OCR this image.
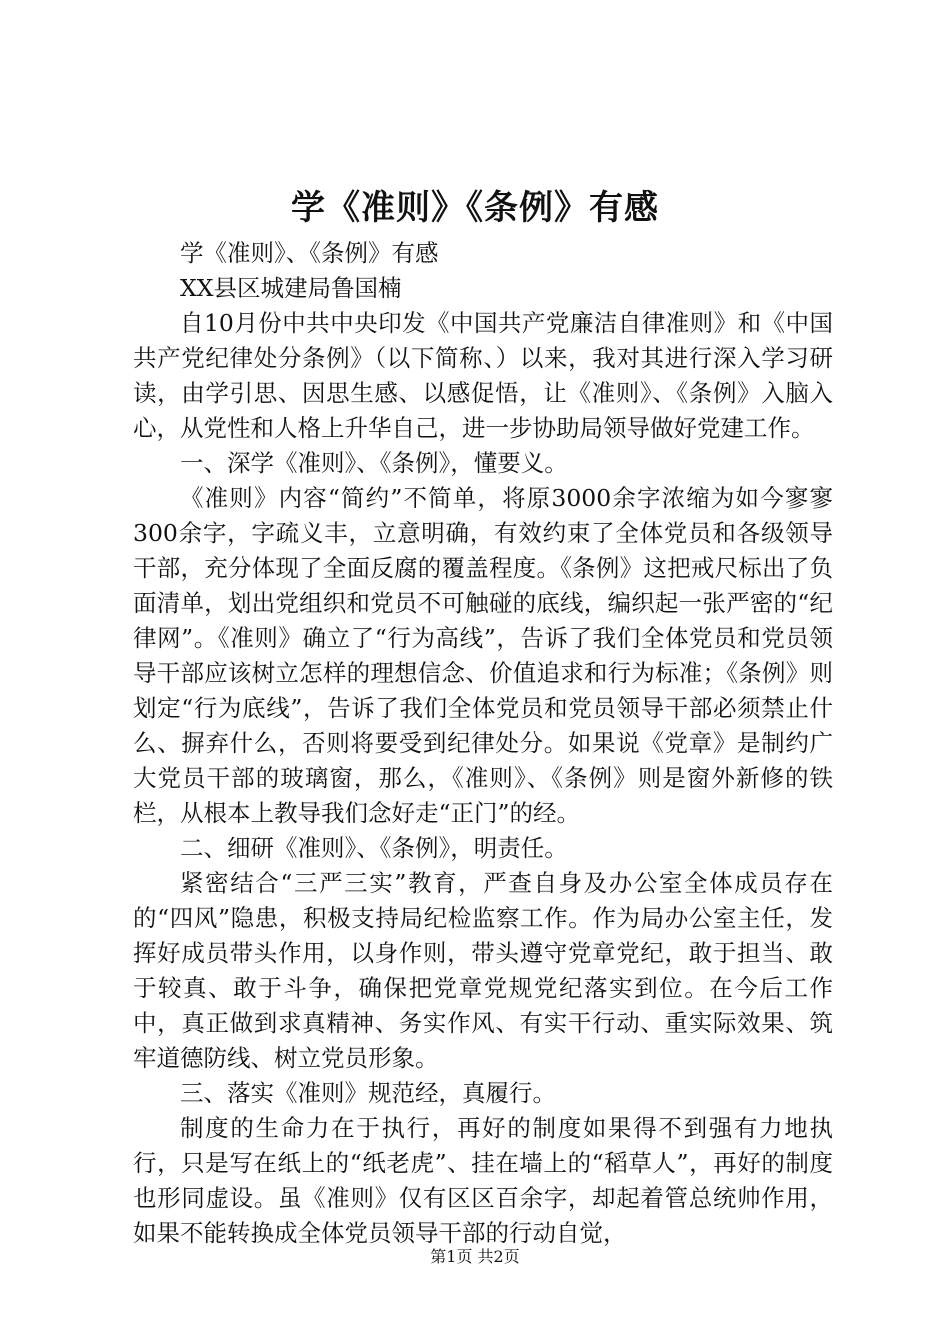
学《准则》《条例》有感

学《准则》、《条例》有感

XX县区城建局鲁国楠

自10月份中共中央印发《中国共产党廉洁自律准则》和《中国共产党纪律处分条例》（以下简称、）以来，我对其进行深入学习研读，由学引思、因思生感、以感促悟，让《准则》、《条例》入脑入心，从党性和人格上升华自己，进一步协助局领导做好党建工作。

一、深学《准则》、《条例》，懂要义。

《准则》内容“简约”不简单，将原3000余字浓缩为如今寥寥300余字，字疏义丰，立意明确，有效约束了全体党员和各级领导干部，充分体现了全面反腐的覆盖程度。《条例》这把戒尺标出了负面清单，划出党组织和党员不可触碰的底线，编织起一张严密的“纪律网”。《准则》确立了“行为高线”，告诉了我们全体党员和党员领导干部应该树立怎样的理想信念、价值追求和行为标准；《条例》则划定“行为底线”，告诉了我们全体党员和党员领导干部必须禁止什么、摒弃什么，否则将要受到纪律处分。如果说《党章》是制约广大党员干部的玻璃窗，那么，《准则》、《条例》则是窗外新修的铁栏，从根本上教导我们念好走“正门”的经。

二、细研《准则》、《条例》，明责任。

紧密结合“三严三实”教育，严查自身及办公室全体成员存在的“四风”隐患，积极支持局纪检监察工作。作为局办公室主任，发挥好成员带头作用，以身作则，带头遵守党章党纪，敢于担当、敢于较真、敢于斗争，确保把党章党规党纪落实到位。在今后工作中，真正做到求真精神、务实作风、有实干行动、重实际效果、筑牢道德防线、树立党员形象。

三、落实《准则》规范经，真履行。

制度的生命力在于执行，再好的制度如果得不到强有力地执行，只是写在纸上的“纸老虎”、挂在墙上的“稻草人”，再好的制度也形同虚设。虽《准则》仅有区区百余字，却起着管总统帅作用，如果不能转换成全体党员领导干部的行动自觉，

第1页 共2页
